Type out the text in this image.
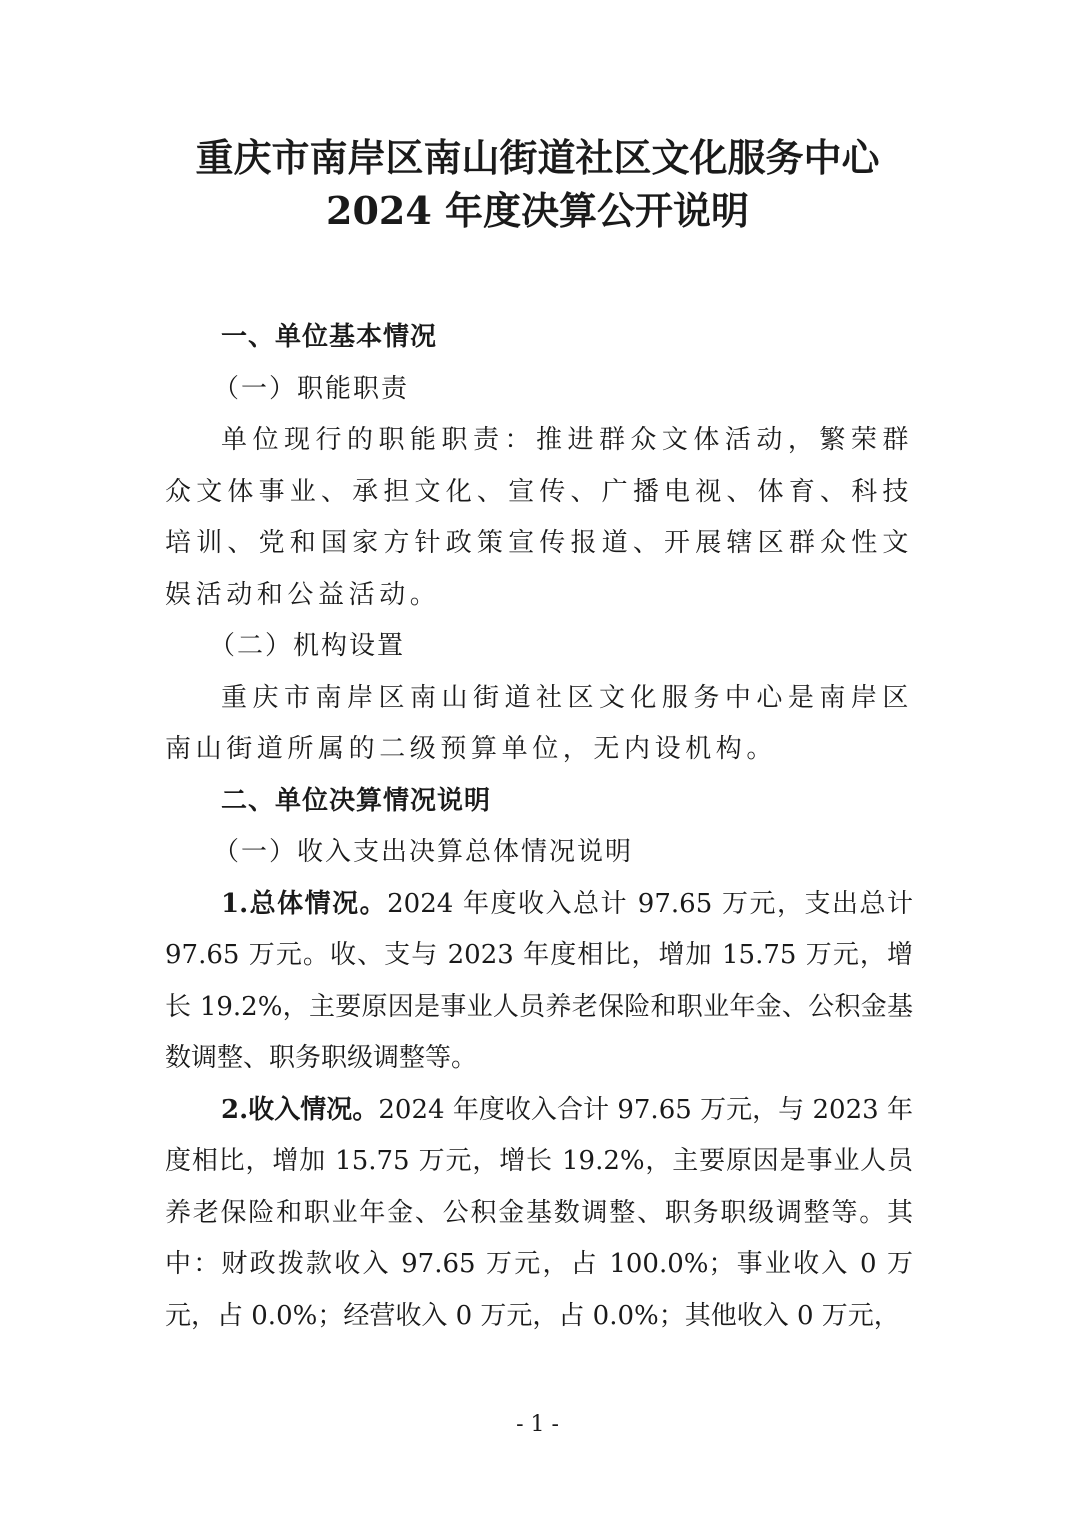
重庆市南岸区南山街道社区文化服务中心
2024 年度决算公开说明

一、单位基本情况

（一）职能职责

单位现行的职能职责：推进群众文体活动，繁荣群众文体事业、承担文化、宣传、广播电视、体育、科技培训、党和国家方针政策宣传报道、开展辖区群众性文娱活动和公益活动。

（二）机构设置

重庆市南岸区南山街道社区文化服务中心是南岸区南山街道所属的二级预算单位，无内设机构。

二、单位决算情况说明

（一）收入支出决算总体情况说明

1.总体情况。2024 年度收入总计 97.65 万元，支出总计 97.65 万元。收、支与 2023 年度相比，增加 15.75 万元，增长 19.2%，主要原因是事业人员养老保险和职业年金、公积金基数调整、职务职级调整等。

2.收入情况。2024 年度收入合计 97.65 万元，与 2023 年度相比，增加 15.75 万元，增长 19.2%，主要原因是事业人员养老保险和职业年金、公积金基数调整、职务职级调整等。其中：财政拨款收入 97.65 万元，占 100.0%；事业收入 0 万元，占 0.0%；经营收入 0 万元，占 0.0%；其他收入 0 万元，

- 1 -
